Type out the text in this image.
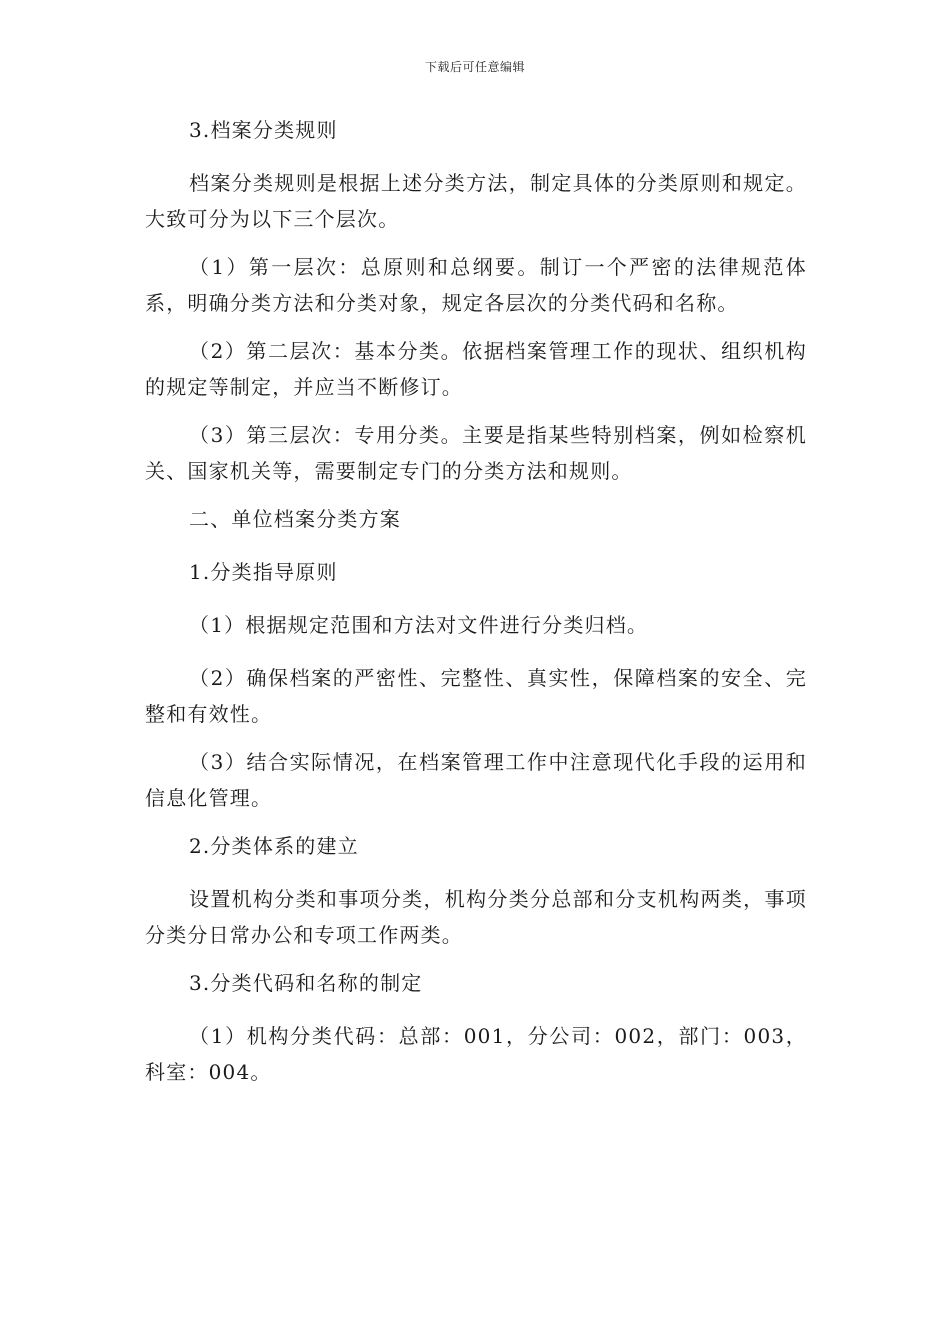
下载后可任意编辑

3.档案分类规则

档案分类规则是根据上述分类方法，制定具体的分类原则和规定。大致可分为以下三个层次。

（1）第一层次：总原则和总纲要。制订一个严密的法律规范体系，明确分类方法和分类对象，规定各层次的分类代码和名称。

（2）第二层次：基本分类。依据档案管理工作的现状、组织机构的规定等制定，并应当不断修订。

（3）第三层次：专用分类。主要是指某些特别档案，例如检察机关、国家机关等，需要制定专门的分类方法和规则。

二、单位档案分类方案

1.分类指导原则

（1）根据规定范围和方法对文件进行分类归档。

（2）确保档案的严密性、完整性、真实性，保障档案的安全、完整和有效性。

（3）结合实际情况，在档案管理工作中注意现代化手段的运用和信息化管理。

2.分类体系的建立

设置机构分类和事项分类，机构分类分总部和分支机构两类，事项分类分日常办公和专项工作两类。

3.分类代码和名称的制定

（1）机构分类代码：总部：001，分公司：002，部门：003，科室：004。
